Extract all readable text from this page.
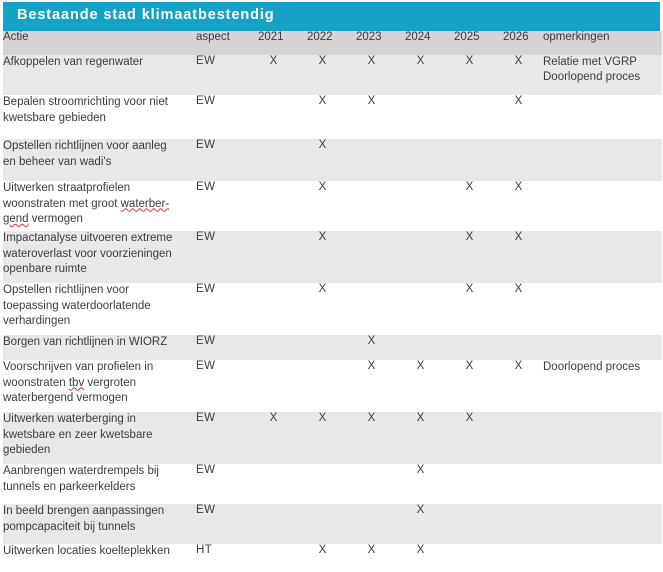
Bestaande stad klimaatbestendig
Actie	aspect	2021	2022	2023	2024	2025	2026	opmerkingen

Afkoppelen van regenwater	EW	X	X	X	X	X	X	Relatie met VGRP
Doorlopend proces

Bepalen stroomrichting voor niet
kwetsbare gebieden	EW		X	X			X	

Opstellen richtlijnen voor aanleg
en beheer van wadi's	EW		X					

Uitwerken straatprofielen
woonstraten met groot waterber-
gend vermogen	EW		X			X	X	

Impactanalyse uitvoeren extreme
wateroverlast voor voorzieningen
openbare ruimte	EW		X			X	X	

Opstellen richtlijnen voor
toepassing waterdoorlatende
verhardingen	EW		X			X	X	

Borgen van richtlijnen in WIORZ	EW			X				

Voorschrijven van profielen in
woonstraten tbv vergroten
waterbergend vermogen	EW			X	X	X	X	Doorlopend proces

Uitwerken waterberging in
kwetsbare en zeer kwetsbare
gebieden	EW	X	X	X	X	X		

Aanbrengen waterdrempels bij
tunnels en parkeerkelders	EW				X			

In beeld brengen aanpassingen
pompcapaciteit bij tunnels	EW				X			

Uitwerken locaties koelteplekken	HT		X	X	X			
